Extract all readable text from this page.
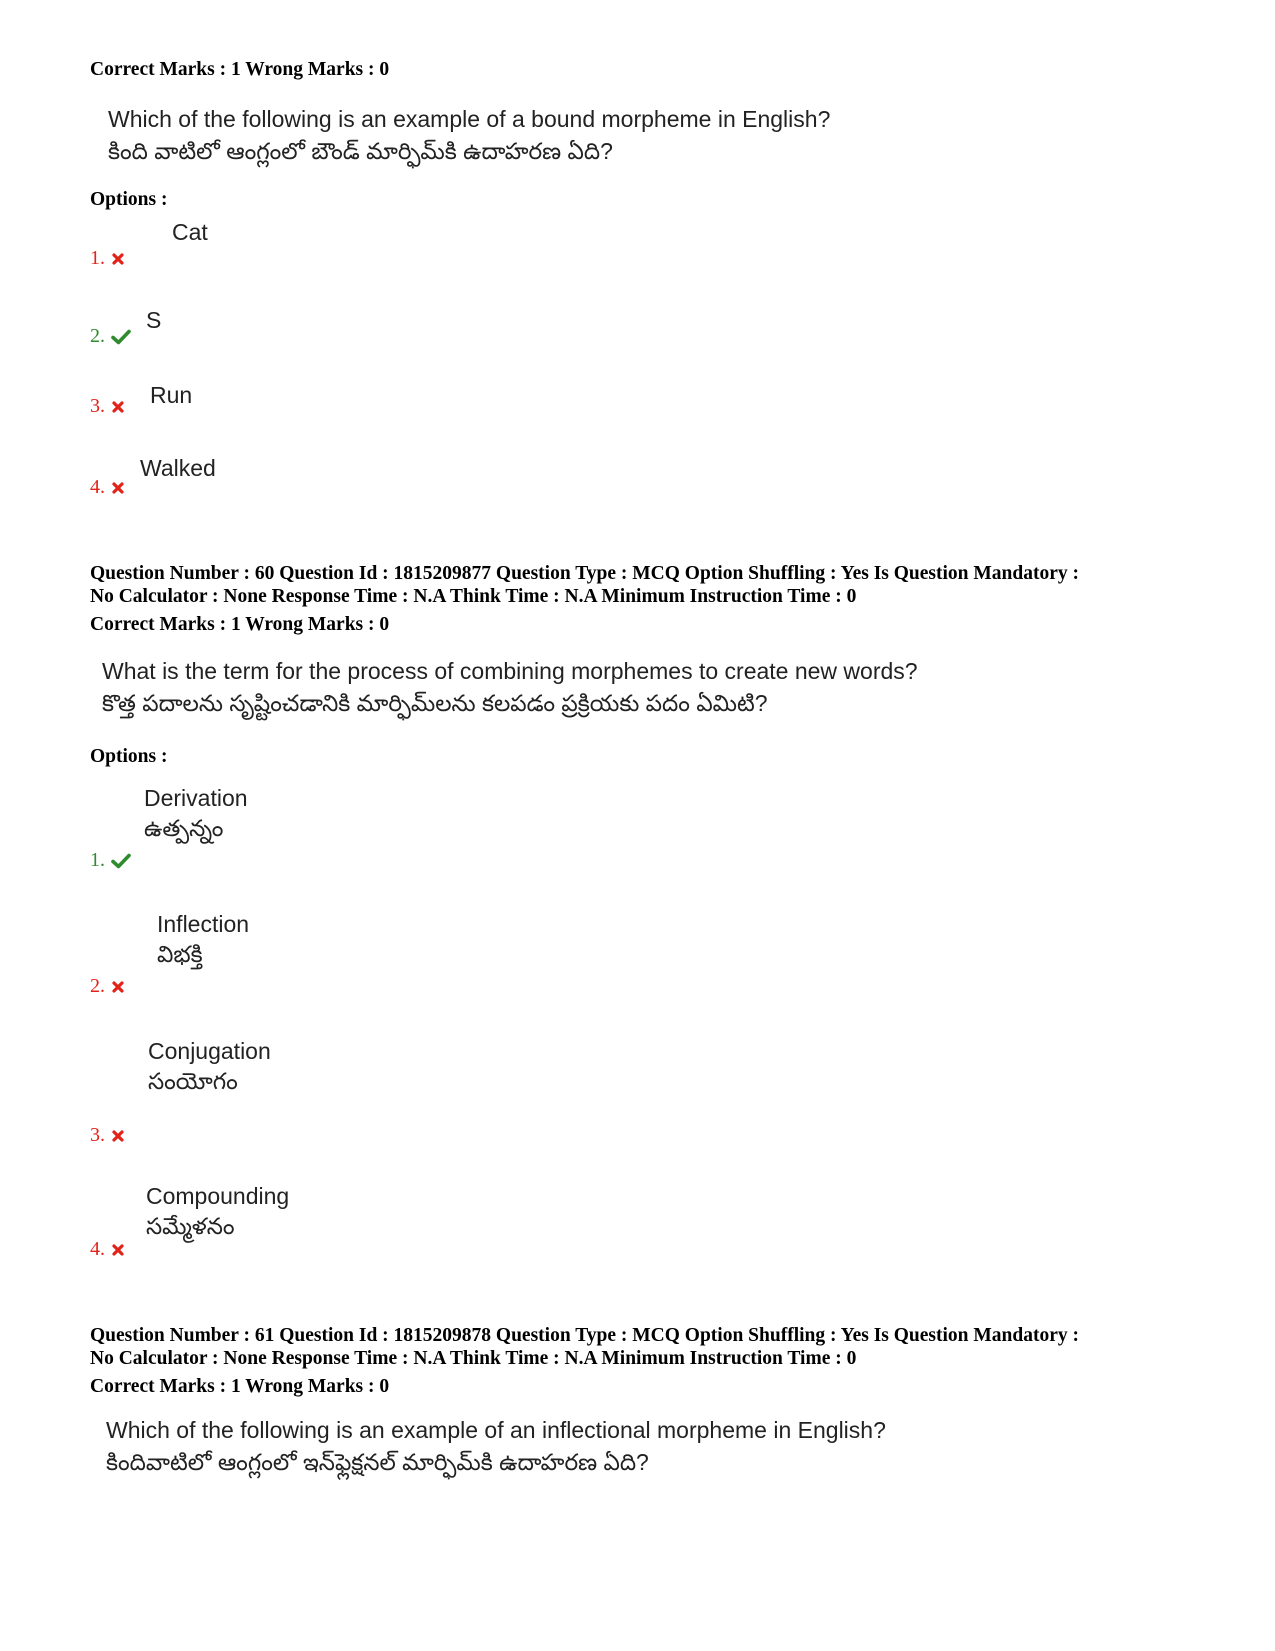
Correct Marks : 1 Wrong Marks : 0
Which of the following is an example of a bound morpheme in English?
కింది వాటిలో ఆంగ్లంలో బౌండ్ మార్ఫిమ్‌కి ఉదాహరణ ఏది?
Options :
Cat
1.
S
2.
Run
3.
Walked
4.
Question Number : 60 Question Id : 1815209877 Question Type : MCQ Option Shuffling : Yes Is Question Mandatory :
No Calculator : None Response Time : N.A Think Time : N.A Minimum Instruction Time : 0
Correct Marks : 1 Wrong Marks : 0
What is the term for the process of combining morphemes to create new words?
కొత్త పదాలను సృష్టించడానికి మార్ఫిమ్‌లను కలపడం ప్రక్రియకు పదం ఏమిటి?
Options :
Derivation
ఉత్పన్నం
1.
Inflection
విభక్తి
2.
Conjugation
సంయోగం
3.
Compounding
సమ్మేళనం
4.
Question Number : 61 Question Id : 1815209878 Question Type : MCQ Option Shuffling : Yes Is Question Mandatory :
No Calculator : None Response Time : N.A Think Time : N.A Minimum Instruction Time : 0
Correct Marks : 1 Wrong Marks : 0
Which of the following is an example of an inflectional morpheme in English?
కిందివాటిలో ఆంగ్లంలో ఇన్‌ఫ్లెక్షనల్ మార్ఫిమ్‌కి ఉదాహరణ ఏది?
